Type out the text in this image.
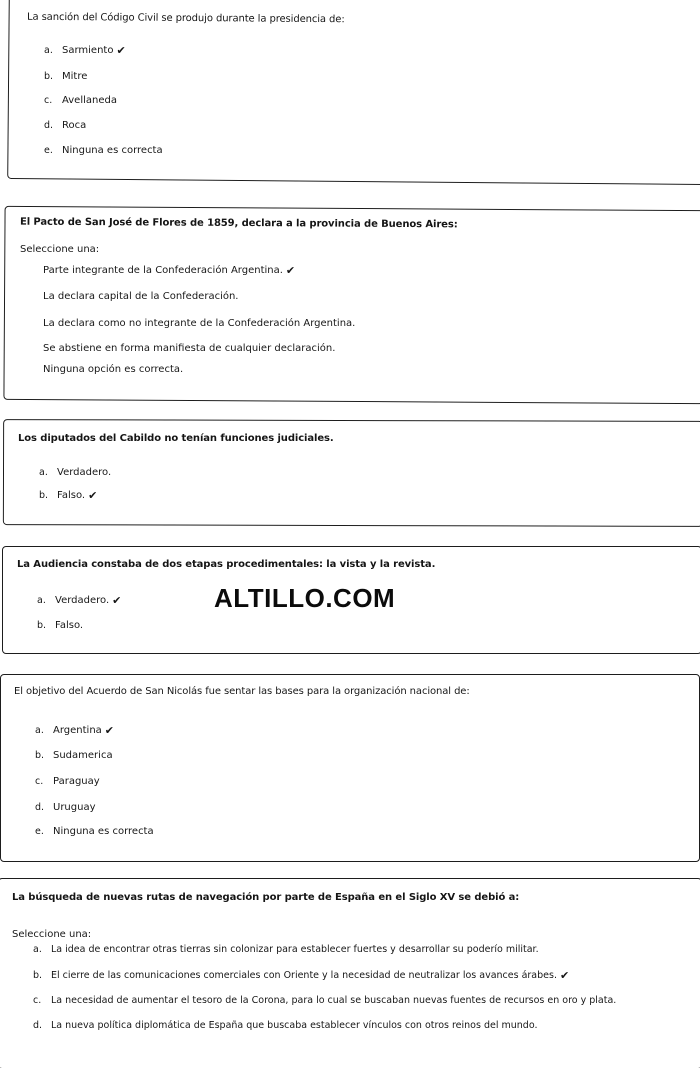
La sanción del Código Civil se produjo durante la presidencia de:
a. Sarmiento ✔
b. Mitre
c. Avellaneda
d. Roca
e. Ninguna es correcta
El Pacto de San José de Flores de 1859, declara a la provincia de Buenos Aires:
Seleccione una:
Parte integrante de la Confederación Argentina. ✔
La declara capital de la Confederación.
La declara como no integrante de la Confederación Argentina.
Se abstiene en forma manifiesta de cualquier declaración.
Ninguna opción es correcta.
Los diputados del Cabildo no tenían funciones judiciales.
a. Verdadero.
b. Falso. ✔
La Audiencia constaba de dos etapas procedimentales: la vista y la revista.
a. Verdadero. ✔
b. Falso.
ALTILLO.COM
El objetivo del Acuerdo de San Nicolás fue sentar las bases para la organización nacional de:
a. Argentina ✔
b. Sudamerica
c. Paraguay
d. Uruguay
e. Ninguna es correcta
La búsqueda de nuevas rutas de navegación por parte de España en el Siglo XV se debió a:
Seleccione una:
a. La idea de encontrar otras tierras sin colonizar para establecer fuertes y desarrollar su poderío militar.
b. El cierre de las comunicaciones comerciales con Oriente y la necesidad de neutralizar los avances árabes. ✔
c.	La necesidad de aumentar el tesoro de la Corona, para lo cual se buscaban nuevas fuentes de recursos en oro y plata.
d. La nueva política diplomática de España que buscaba establecer vínculos con otros reinos del mundo.
